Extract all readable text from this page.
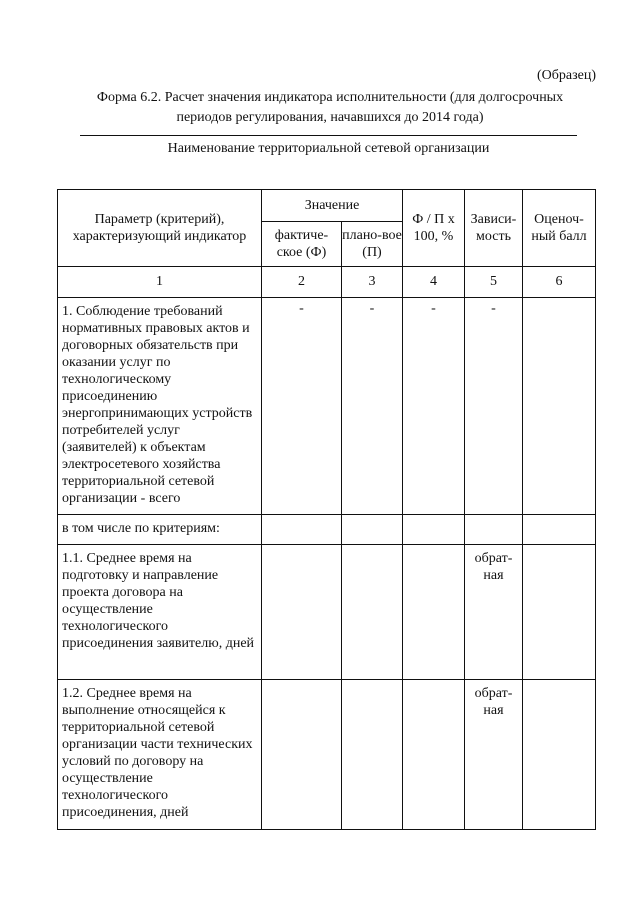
(Образец)
Форма 6.2. Расчет значения индикатора исполнительности (для долгосрочных
периодов регулирования, начавшихся до 2014 года)
Наименование территориальной сетевой организации
Параметр (критерий), характеризующий индикатор	Значение		Ф / П х 100, %	Зависи-мость	Оценоч-ный балл
	фактиче-ское (Ф)	плано-вое (П)			
1	2	3	4	5	6
1. Соблюдение требований нормативных правовых актов и договорных обязательств при оказании услуг по технологическому присоединению энергопринимающих устройств потребителей услуг (заявителей) к объектам электросетевого хозяйства территориальной сетевой организации - всего	-	-	-	-	
в том числе по критериям:					
1.1. Среднее время на подготовку и направление проекта договора на осуществление технологического присоединения заявителю, дней				обрат-ная	
1.2. Среднее время на выполнение относящейся к территориальной сетевой организации части технических условий по договору на осуществление технологического присоединения, дней				обрат-ная	
